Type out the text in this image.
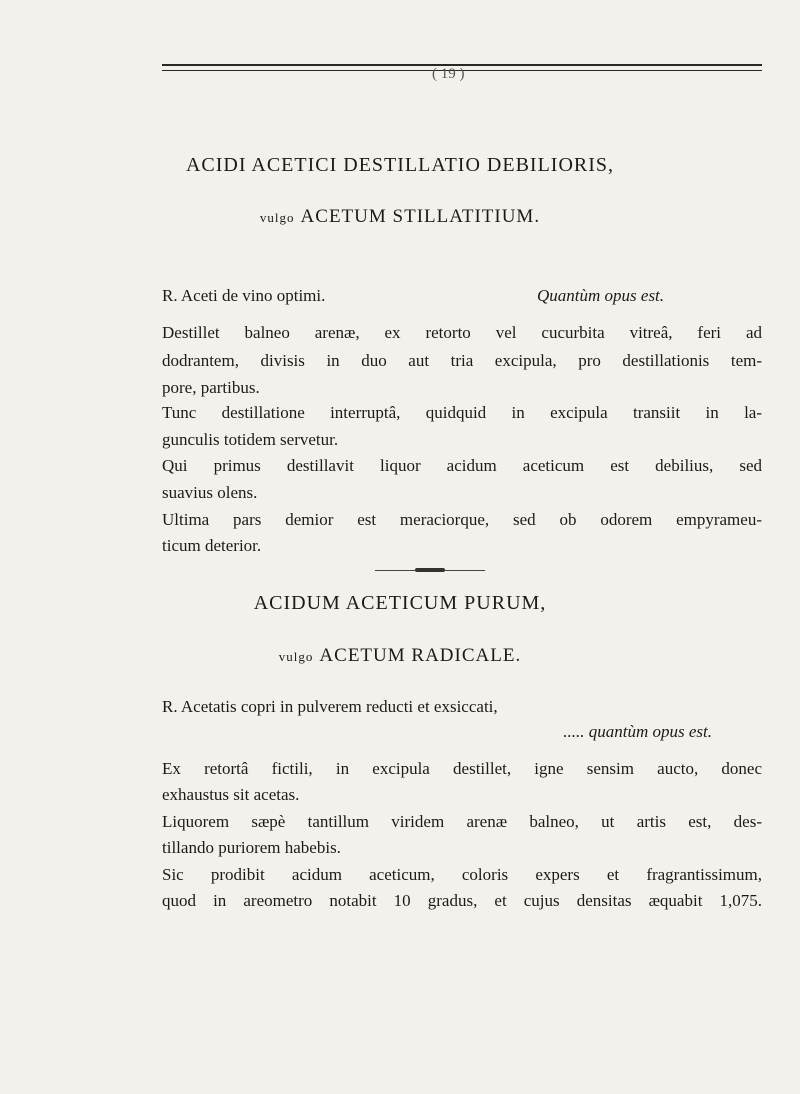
( 19 )
ACIDI ACETICI DESTILLATIO DEBILIORIS,
vulgo ACETUM STILLATITIUM.
R. Aceti de vino optimi.	Quantùm opus est.
Destillet balneo arenæ, ex retorto vel cucurbita vitreâ, feri ad
dodrantem, divisis in duo aut tria excipula, pro destillationis tem-
pore, partibus.
Tunc destillatione interruptâ, quidquid in excipula transiit in la-
gunculis totidem servetur.
Qui primus destillavit liquor acidum aceticum est debilius, sed
suavius olens.
Ultima pars demior est meraciorque, sed ob odorem empyrameu-
ticum deterior.
ACIDUM ACETICUM PURUM,
vulgo ACETUM RADICALE.
R. Acetatis copri in pulverem reducti et exsiccati,
..... quantùm opus est.
Ex retortâ fictili, in excipula destillet, igne sensim aucto, donec
exhaustus sit acetas.
Liquorem sæpè tantillum viridem arenæ balneo, ut artis est, des-
tillando puriorem habebis.
Sic prodibit acidum aceticum, coloris expers et fragrantissimum,
quod in areometro notabit 10 gradus, et cujus densitas æquabit 1,075.
